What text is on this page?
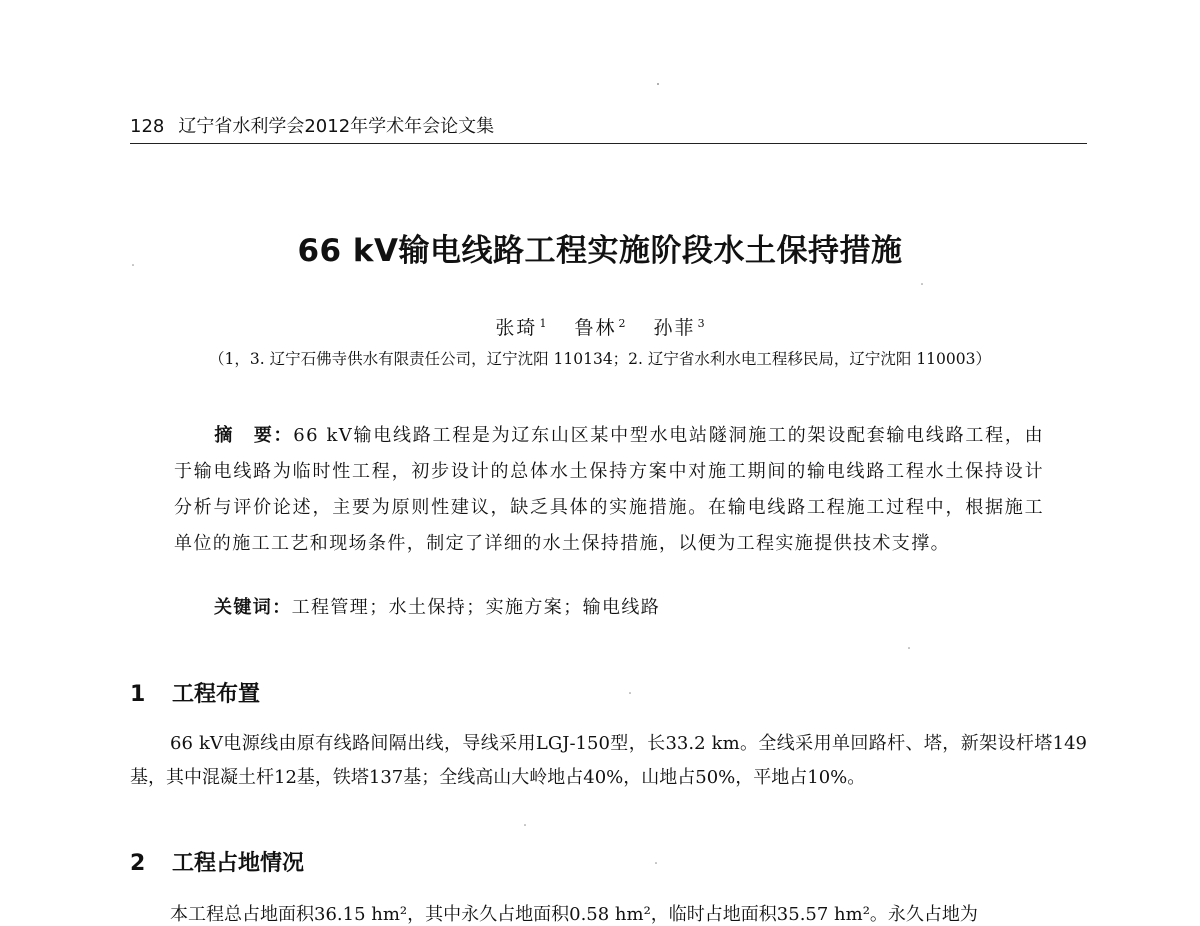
128 辽宁省水利学会2012年学术年会论文集
66 kV输电线路工程实施阶段水土保持措施
张琦 $^1$ 鲁林 $^2$ 孙菲 $^3$
（1，3. 辽宁石佛寺供水有限责任公司，辽宁沈阳 110134；2. 辽宁省水利水电工程移民局，辽宁沈阳 110003）
摘　要：66 kV输电线路工程是为辽东山区某中型水电站隧洞施工的架设配套输电线路工程，由于输电线路为临时性工程，初步设计的总体水土保持方案中对施工期间的输电线路工程水土保持设计分析与评价论述，主要为原则性建议，缺乏具体的实施措施。在输电线路工程施工过程中，根据施工单位的施工工艺和现场条件，制定了详细的水土保持措施，以便为工程实施提供技术支撑。
关键词：工程管理；水土保持；实施方案；输电线路
1 工程布置
66 kV电源线由原有线路间隔出线，导线采用LGJ-150型，长33.2 km。全线采用单回路杆、塔，新架设杆塔149基，其中混凝土杆12基，铁塔137基；全线高山大岭地占40%，山地占50%，平地占10%。
2 工程占地情况
本工程总占地面积36.15 hm²，其中永久占地面积0.58 hm²，临时占地面积35.57 hm²。永久占地为
